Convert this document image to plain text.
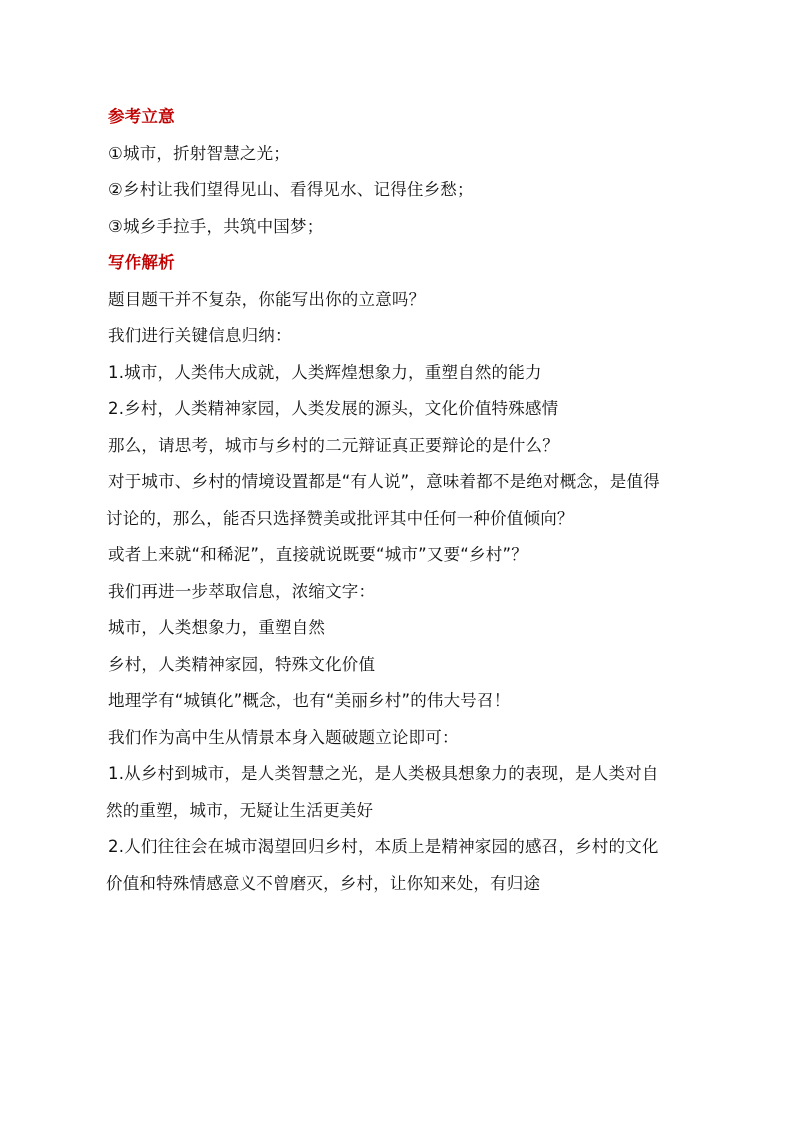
参考立意
①城市，折射智慧之光；
②乡村让我们望得见山、看得见水、记得住乡愁；
③城乡手拉手，共筑中国梦；
写作解析
题目题干并不复杂，你能写出你的立意吗？
我们进行关键信息归纳：
1.城市，人类伟大成就，人类辉煌想象力，重塑自然的能力
2.乡村，人类精神家园，人类发展的源头，文化价值特殊感情
那么，请思考，城市与乡村的二元辩证真正要辩论的是什么？
对于城市、乡村的情境设置都是“有人说”，意味着都不是绝对概念，是值得
讨论的，那么，能否只选择赞美或批评其中任何一种价值倾向？
或者上来就“和稀泥”，直接就说既要“城市”又要“乡村”？
我们再进一步萃取信息，浓缩文字：
城市，人类想象力，重塑自然
乡村，人类精神家园，特殊文化价值
地理学有“城镇化”概念，也有“美丽乡村”的伟大号召！
我们作为高中生从情景本身入题破题立论即可：
1.从乡村到城市，是人类智慧之光，是人类极具想象力的表现，是人类对自
然的重塑，城市，无疑让生活更美好
2.人们往往会在城市渴望回归乡村，本质上是精神家园的感召，乡村的文化
价值和特殊情感意义不曾磨灭，乡村，让你知来处，有归途
